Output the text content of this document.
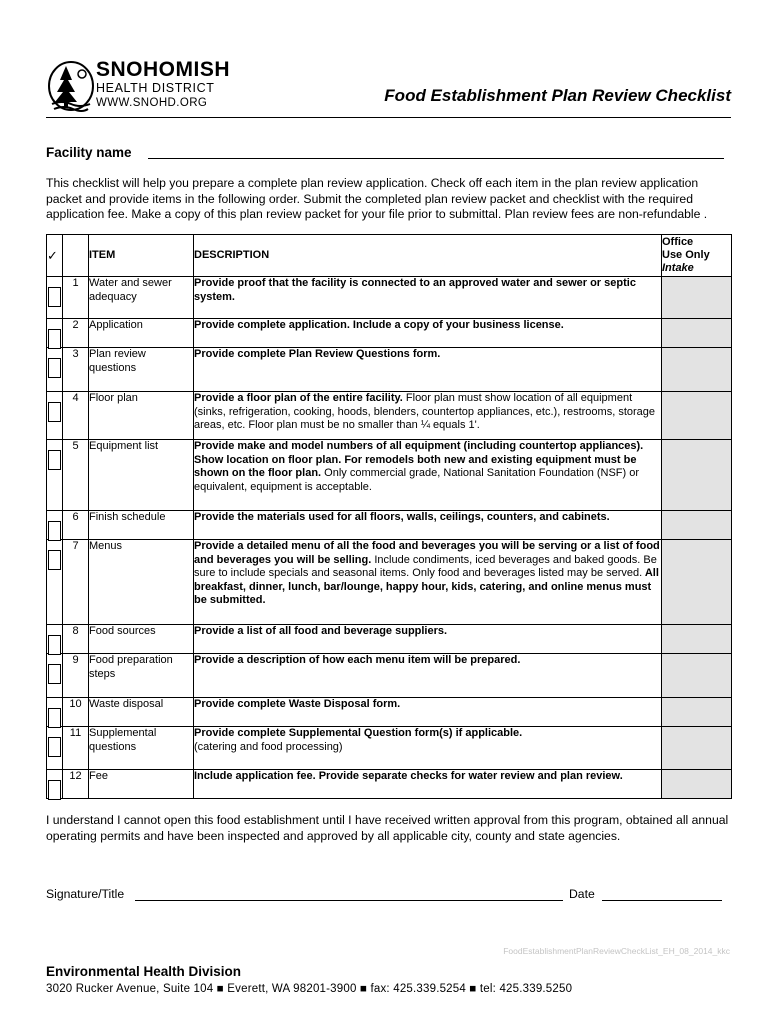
SNOHOMISH
HEALTH DISTRICT
WWW.SNOHD.ORG	Food Establishment Plan Review Checklist
Facility name
This checklist will help you prepare a complete plan review application. Check off each item in the plan review application packet and provide items in the following order. Submit the completed plan review packet and checklist with the required application fee. Make a copy of this plan review packet for your file prior to submittal. Plan review fees are non-refundable .
✓		ITEM	DESCRIPTION	Office
Use Only
Intake

	1	Water and sewer adequacy	Provide proof that the facility is connected to an approved water and sewer or septic system.	

	2	Application	Provide complete application. Include a copy of your business license.	

	3	Plan review questions	Provide complete Plan Review Questions form.	

	4	Floor plan	Provide a floor plan of the entire facility. Floor plan must show location of all equipment (sinks, refrigeration, cooking, hoods, blenders, countertop appliances, etc.), restrooms, storage areas, etc. Floor plan must be no smaller than ¼ equals 1'.	

	5	Equipment list	Provide make and model numbers of all equipment (including countertop appliances). Show location on floor plan. For remodels both new and existing equipment must be shown on the floor plan. Only commercial grade, National Sanitation Foundation (NSF) or equivalent, equipment is acceptable.	

	6	Finish schedule	Provide the materials used for all floors, walls, ceilings, counters, and cabinets.	

	7	Menus	Provide a detailed menu of all the food and beverages you will be serving or a list of food and beverages you will be selling. Include condiments, iced beverages and baked goods. Be sure to include specials and seasonal items. Only food and beverages listed may be served. All breakfast, dinner, lunch, bar/lounge, happy hour, kids, catering, and online menus must be submitted.	

	8	Food sources	Provide a list of all food and beverage suppliers.	

	9	Food preparation steps	Provide a description of how each menu item will be prepared.	

	10	Waste disposal	Provide complete Waste Disposal form.	

	11	Supplemental questions	Provide complete Supplemental Question form(s) if applicable.
(catering and food processing)	

	12	Fee	Include application fee. Provide separate checks for water review and plan review.	
I understand I cannot open this food establishment until I have received written approval from this program, obtained all annual operating permits and have been inspected and approved by all applicable city, county and state agencies.
Signature/Title	Date
FoodEstablishmentPlanReviewCheckList_EH_08_2014_kkc
Environmental Health Division
3020 Rucker Avenue, Suite 104 ■ Everett, WA 98201-3900 ■ fax: 425.339.5254 ■ tel: 425.339.5250
